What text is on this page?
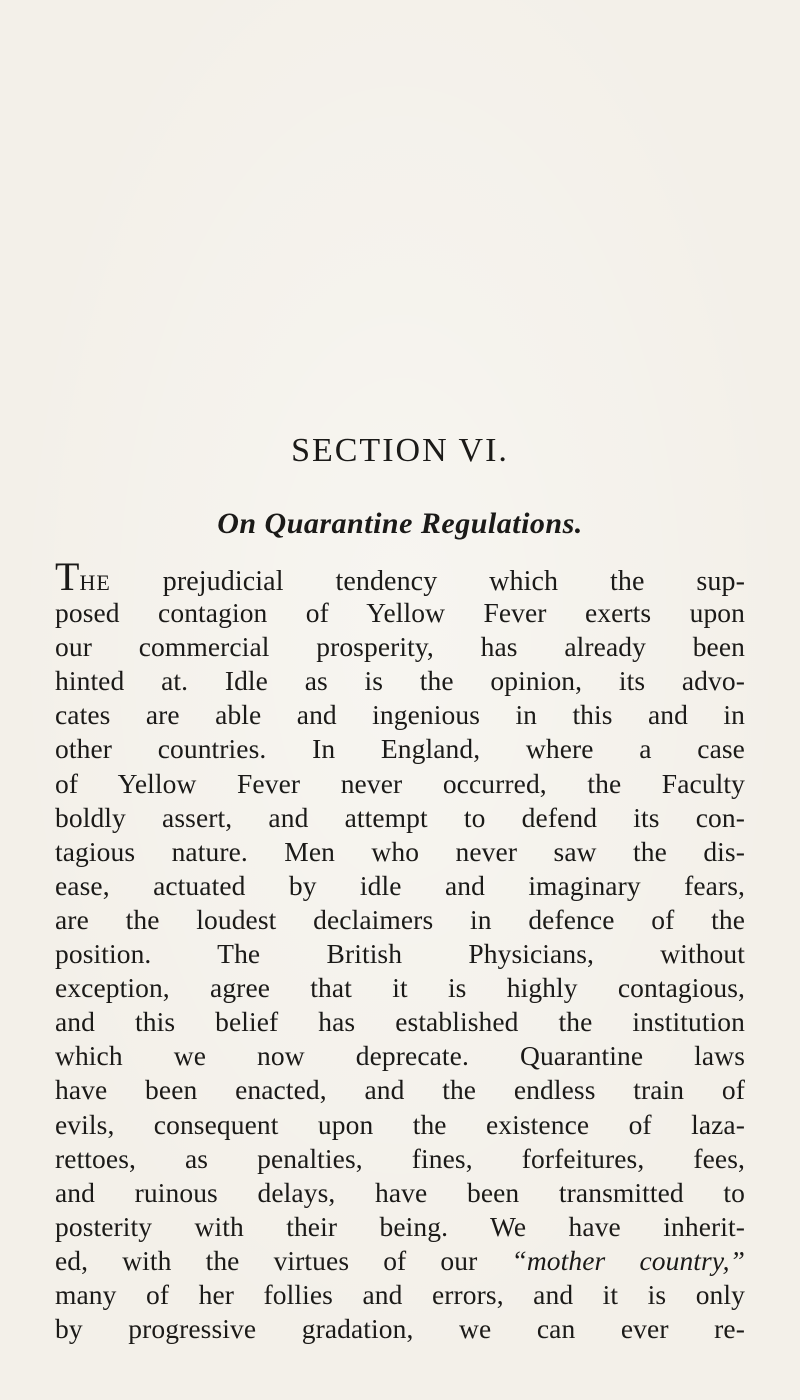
SECTION VI.
On Quarantine Regulations.
THE prejudicial tendency which the sup-
posed contagion of Yellow Fever exerts upon
our commercial prosperity, has already been
hinted at. Idle as is the opinion, its advo-
cates are able and ingenious in this and in
other countries. In England, where a case
of Yellow Fever never occurred, the Faculty
boldly assert, and attempt to defend its con-
tagious nature. Men who never saw the dis-
ease, actuated by idle and imaginary fears,
are the loudest declaimers in defence of the
position. The British Physicians, without
exception, agree that it is highly contagious,
and this belief has established the institution
which we now deprecate. Quarantine laws
have been enacted, and the endless train of
evils, consequent upon the existence of laza-
rettoes, as penalties, fines, forfeitures, fees,
and ruinous delays, have been transmitted to
posterity with their being. We have inherit-
ed, with the virtues of our “mother country,”
many of her follies and errors, and it is only
by progressive gradation, we can ever re-
